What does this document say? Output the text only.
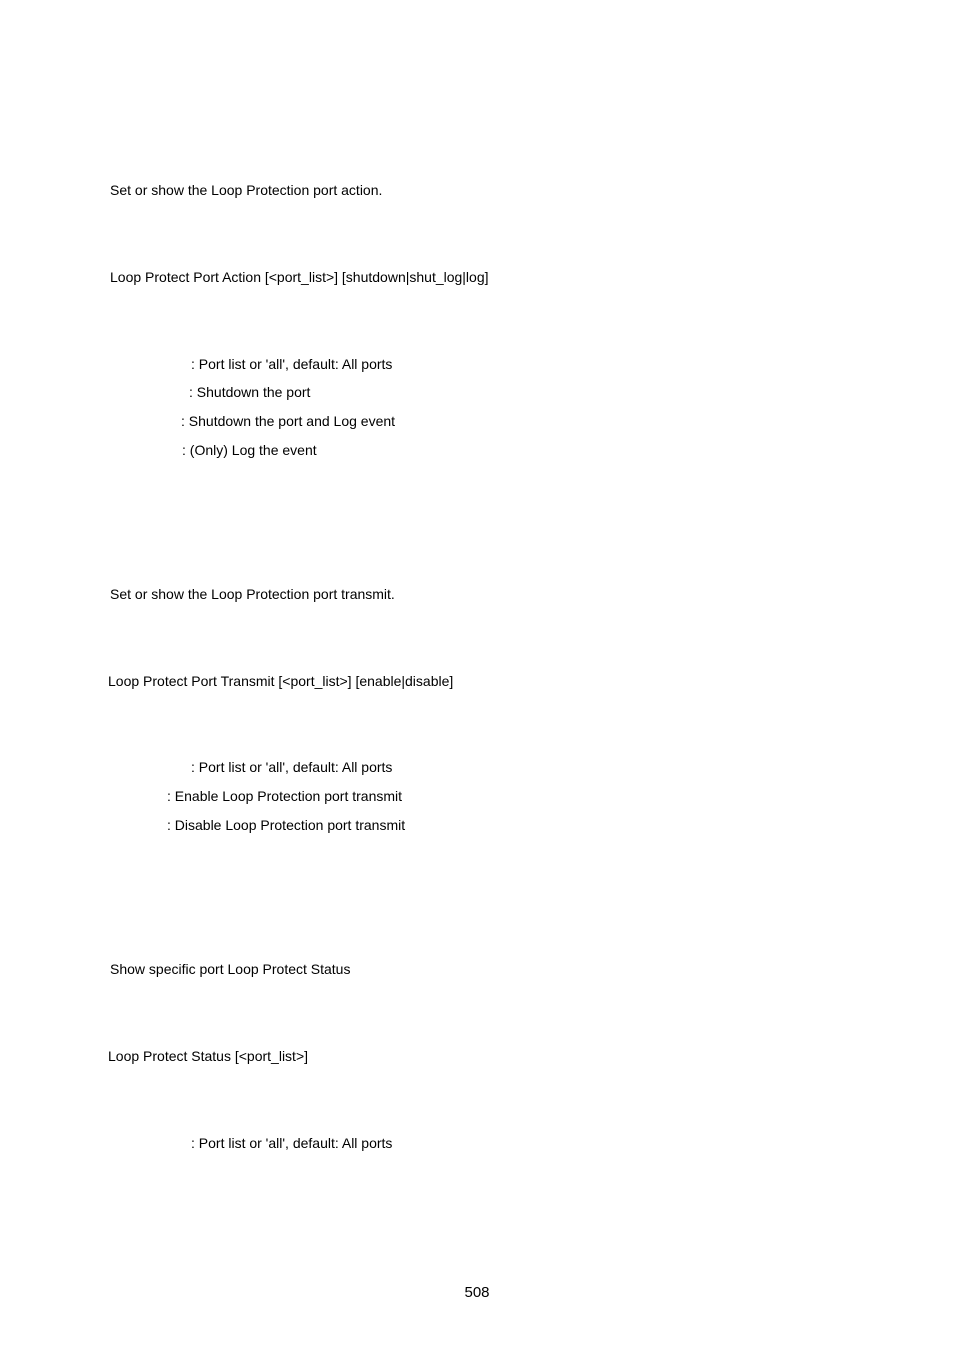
Set or show the Loop Protection port action.
Loop Protect Port Action [<port_list>] [shutdown|shut_log|log]
: Port list or 'all', default: All ports
: Shutdown the port
: Shutdown the port and Log event
: (Only) Log the event
Set or show the Loop Protection port transmit.
Loop Protect Port Transmit [<port_list>] [enable|disable]
: Port list or 'all', default: All ports
: Enable Loop Protection port transmit
: Disable Loop Protection port transmit
Show specific port Loop Protect Status
Loop Protect Status [<port_list>]
: Port list or 'all', default: All ports
508
